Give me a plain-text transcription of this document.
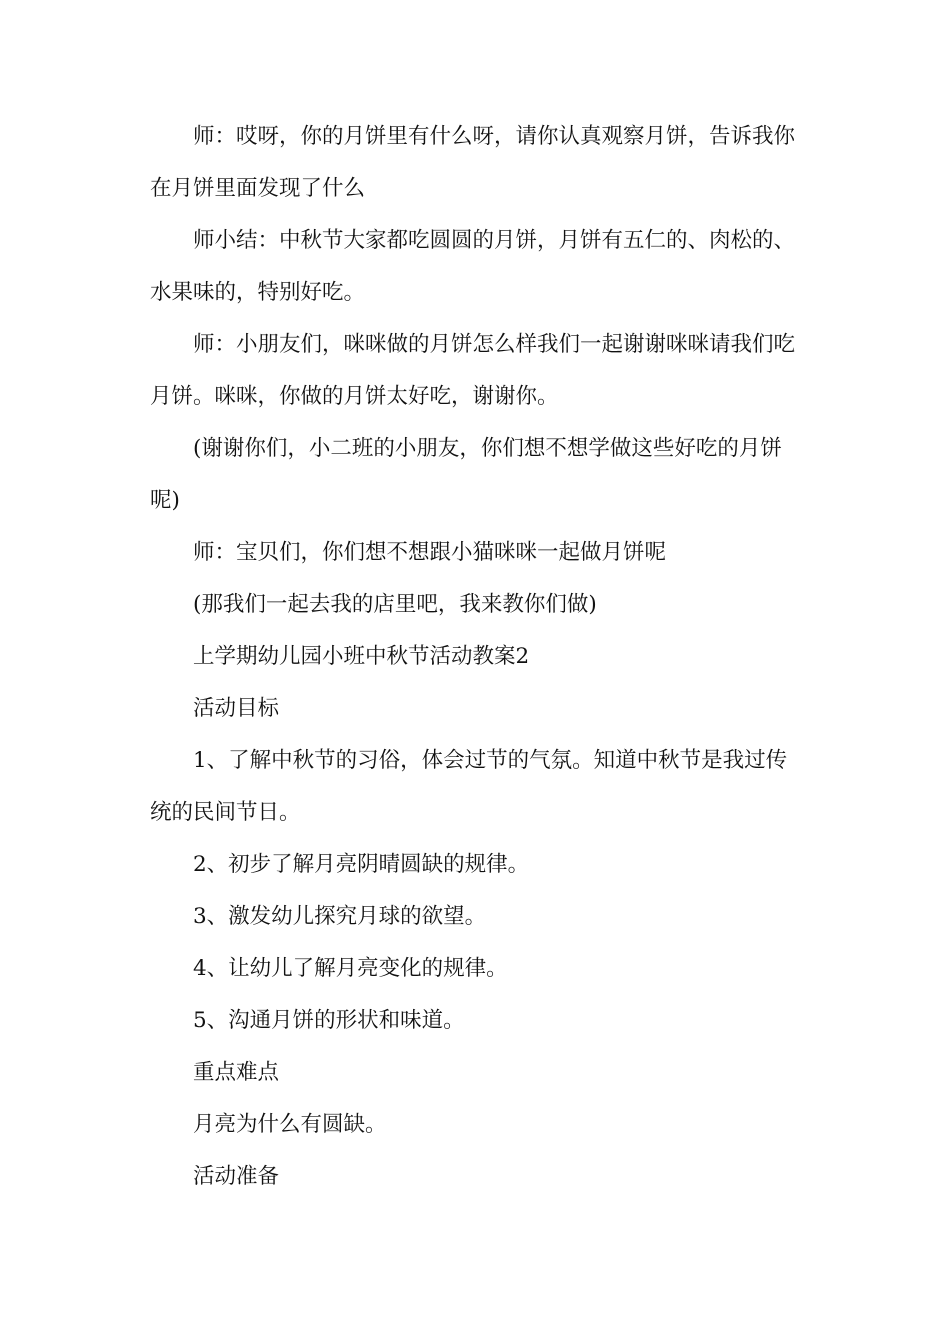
师：哎呀，你的月饼里有什么呀，请你认真观察月饼，告诉我你在月饼里面发现了什么

师小结：中秋节大家都吃圆圆的月饼，月饼有五仁的、肉松的、水果味的，特别好吃。

师：小朋友们，咪咪做的月饼怎么样我们一起谢谢咪咪请我们吃月饼。咪咪，你做的月饼太好吃，谢谢你。

(谢谢你们，小二班的小朋友，你们想不想学做这些好吃的月饼呢)

师：宝贝们，你们想不想跟小猫咪咪一起做月饼呢

(那我们一起去我的店里吧，我来教你们做)

上学期幼儿园小班中秋节活动教案2

活动目标

1、了解中秋节的习俗，体会过节的气氛。知道中秋节是我过传统的民间节日。

2、初步了解月亮阴晴圆缺的规律。

3、激发幼儿探究月球的欲望。

4、让幼儿了解月亮变化的规律。

5、沟通月饼的形状和味道。

重点难点

月亮为什么有圆缺。

活动准备
